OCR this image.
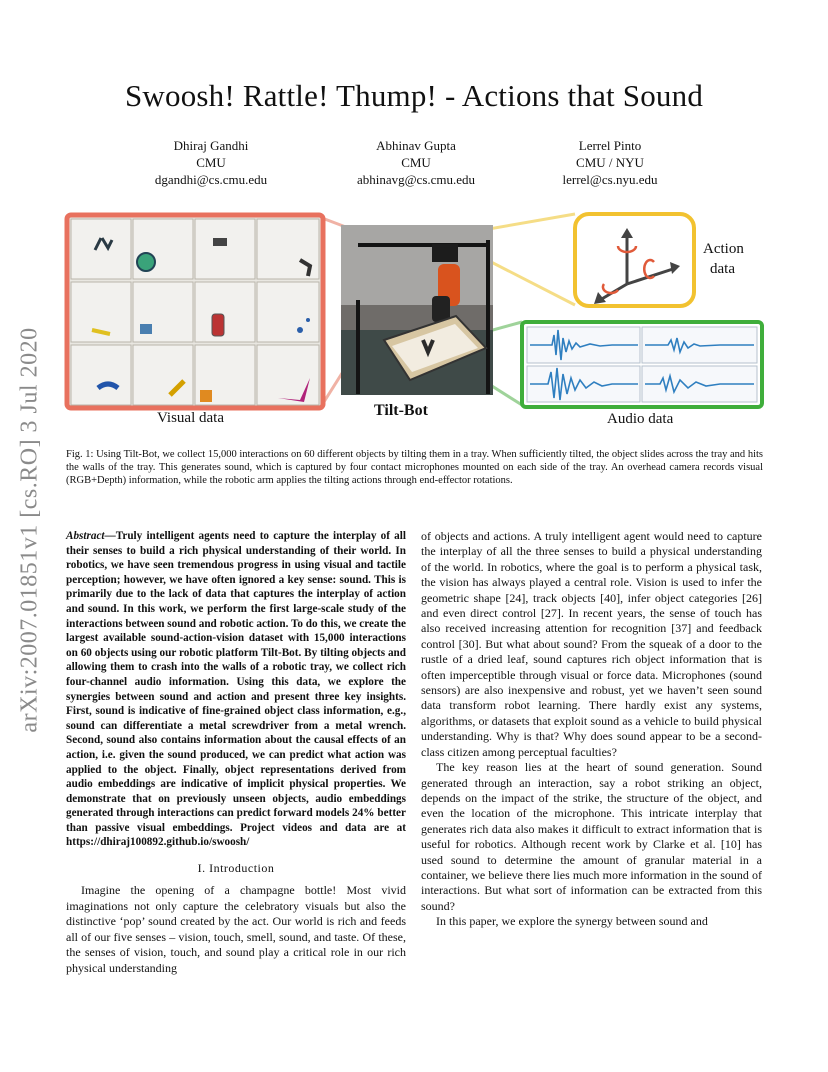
Swoosh! Rattle! Thump! - Actions that Sound
Dhiraj Gandhi
CMU
dgandhi@cs.cmu.edu
Abhinav Gupta
CMU
abhinavg@cs.cmu.edu
Lerrel Pinto
CMU / NYU
lerrel@cs.nyu.edu
arXiv:2007.01851v1 [cs.RO] 3 Jul 2020	Visual data	Tilt-Bot
Action
data
Audio data
Fig. 1: Using Tilt-Bot, we collect 15,000 interactions on 60 different objects by tilting them in a tray. When sufficiently tilted, the object slides across the tray and hits the walls of the tray. This generates sound, which is captured by four contact microphones mounted on each side of the tray. An overhead camera records visual (RGB+Depth) information, while the robotic arm applies the tilting actions through end-effector rotations.

Abstract—Truly intelligent agents need to capture the interplay of all their senses to build a rich physical understanding of their world. In robotics, we have seen tremendous progress in using visual and tactile perception; however, we have often ignored a key sense: sound. This is primarily due to the lack of data that captures the interplay of action and sound. In this work, we perform the first large-scale study of the interactions between sound and robotic action. To do this, we create the largest available sound-action-vision dataset with 15,000 interactions on 60 objects using our robotic platform Tilt-Bot. By tilting objects and allowing them to crash into the walls of a robotic tray, we collect rich four-channel audio information. Using this data, we explore the synergies between sound and action and present three key insights. First, sound is indicative of fine-grained object class information, e.g., sound can differentiate a metal screwdriver from a metal wrench. Second, sound also contains information about the causal effects of an action, i.e. given the sound produced, we can predict what action was applied to the object. Finally, object representations derived from audio embeddings are indicative of implicit physical properties. We demonstrate that on previously unseen objects, audio embeddings generated through interactions can predict forward models 24% better than passive visual embeddings. Project videos and data are at https://dhiraj100892.github.io/swoosh/

I. Introduction

Imagine the opening of a champagne bottle! Most vivid imaginations not only capture the celebratory visuals but also the distinctive ‘pop’ sound created by the act. Our world is rich and feeds all of our five senses – vision, touch, smell, sound, and taste. Of these, the senses of vision, touch, and sound play a critical role in our rich physical understanding

of objects and actions. A truly intelligent agent would need to capture the interplay of all the three senses to build a physical understanding of the world. In robotics, where the goal is to perform a physical task, the vision has always played a central role. Vision is used to infer the geometric shape [24], track objects [40], infer object categories [26] and even direct control [27]. In recent years, the sense of touch has also received increasing attention for recognition [37] and feedback control [30]. But what about sound? From the squeak of a door to the rustle of a dried leaf, sound captures rich object information that is often imperceptible through visual or force data. Microphones (sound sensors) are also inexpensive and robust, yet we haven’t seen sound data transform robot learning. There hardly exist any systems, algorithms, or datasets that exploit sound as a vehicle to build physical understanding. Why is that? Why does sound appear to be a second-class citizen among perceptual faculties?

The key reason lies at the heart of sound generation. Sound generated through an interaction, say a robot striking an object, depends on the impact of the strike, the structure of the object, and even the location of the microphone. This intricate interplay that generates rich data also makes it difficult to extract information that is useful for robotics. Although recent work by Clarke et al. [10] has used sound to determine the amount of granular material in a container, we believe there lies much more information in the sound of interactions. But what sort of information can be extracted from this sound?

In this paper, we explore the synergy between sound and
